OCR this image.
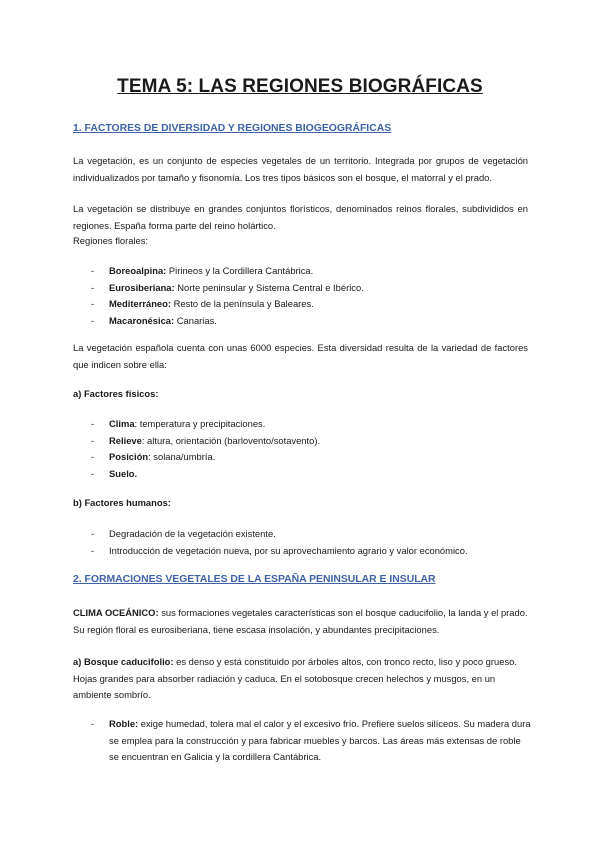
TEMA 5: LAS REGIONES BIOGRÁFICAS
1. FACTORES DE DIVERSIDAD Y REGIONES BIOGEOGRÁFICAS

La vegetación, es un conjunto de especies vegetales de un territorio. Integrada por grupos de vegetación individualizados por tamaño y fisonomía. Los tres tipos básicos son el bosque, el matorral y el prado.

La vegetación se distribuye en grandes conjuntos florísticos, denominados reinos florales, subdivididos en regiones. España forma parte del reino holártico.

Regiones florales:

- Boreoalpina: Pirineos y la Cordillera Cantábrica.
- Eurosiberiana: Norte peninsular y Sistema Central e Ibérico.
- Mediterráneo: Resto de la península y Baleares.
- Macaronésica: Canarias.

La vegetación española cuenta con unas 6000 especies. Esta diversidad resulta de la variedad de factores que indicen sobre ella:

a) Factores físicos:

- Clima: temperatura y precipitaciones.
- Relieve: altura, orientación (barlovento/sotavento).
- Posición: solana/umbría.
- Suelo.

b) Factores humanos:

- Degradación de la vegetación existente.
- Introducción de vegetación nueva, por su aprovechamiento agrario y valor económico.
2. FORMACIONES VEGETALES DE LA ESPAÑA PENINSULAR E INSULAR

CLIMA OCEÁNICO: sus formaciones vegetales características son el bosque caducifolio, la landa y el prado. Su región floral es eurosiberiana, tiene escasa insolación, y abundantes precipitaciones.

a) Bosque caducifolio: es denso y está constituido por árboles altos, con tronco recto, liso y poco grueso. Hojas grandes para absorber radiación y caduca. En el sotobosque crecen helechos y musgos, en un ambiente sombrío.

- Roble: exige humedad, tolera mal el calor y el excesivo frío. Prefiere suelos silíceos. Su madera dura se emplea para la construcción y para fabricar muebles y barcos. Las áreas más extensas de roble se encuentran en Galicia y la cordillera Cantábrica.
